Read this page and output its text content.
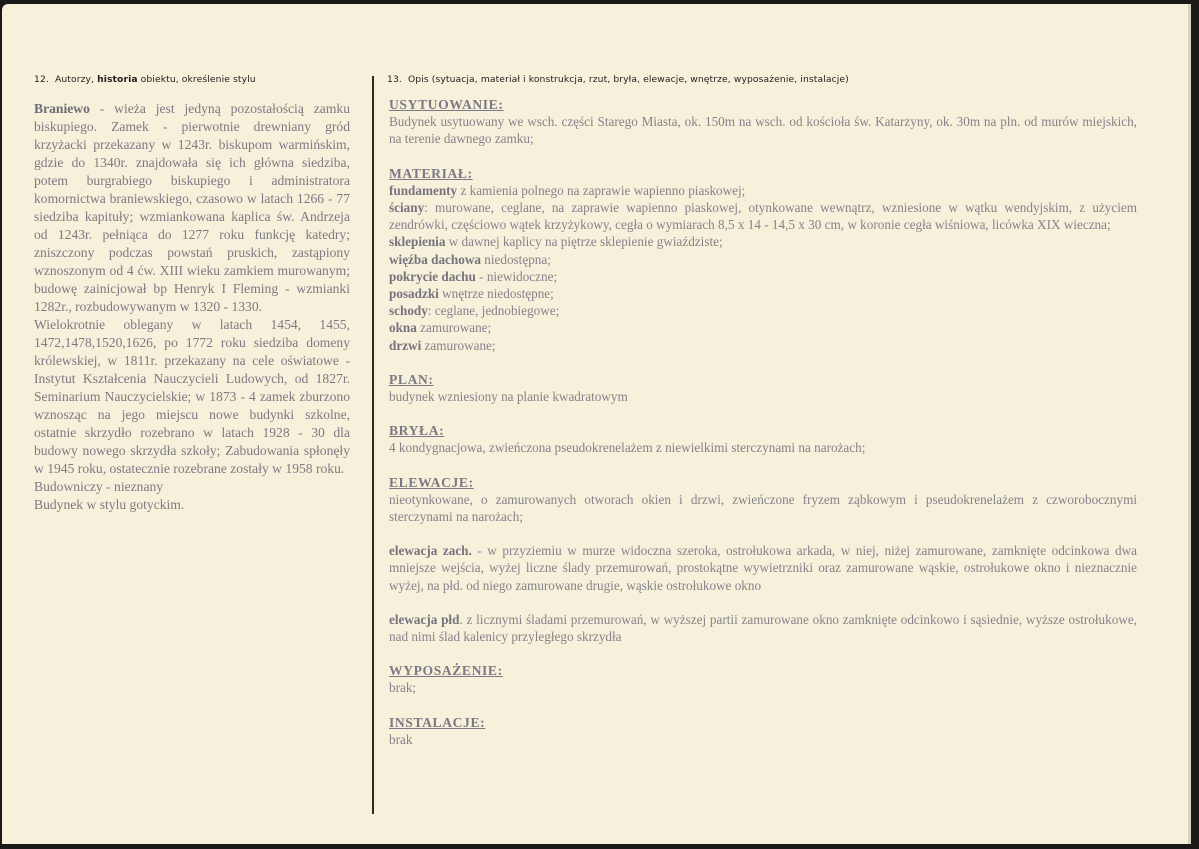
12. Autorzy, historia obiektu, określenie stylu	13. Opis (sytuacja, materiał i konstrukcja, rzut, bryła, elewacje, wnętrze, wyposażenie, instalacje)

Braniewo - wieża jest jedyną pozostałością zamku biskupiego. Zamek - pierwotnie drewniany gród krzyżacki przekazany w 1243r. biskupom warmińskim, gdzie do 1340r. znajdowała się ich główna siedziba, potem burgrabiego biskupiego i administratora komornictwa braniewskiego, czasowo w latach 1266 - 77 siedziba kapituły; wzmiankowana kaplica św. Andrzeja od 1243r. pełniąca do 1277 roku funkcję katedry; zniszczony podczas powstań pruskich, zastąpiony wznoszonym od 4 ćw. XIII wieku zamkiem murowanym; budowę zainicjował bp Henryk I Fleming - wzmianki 1282r., rozbudowywanym w 1320 - 1330.

Wielokrotnie oblegany w latach 1454, 1455, 1472,1478,1520,1626, po 1772 roku siedziba domeny królewskiej, w 1811r. przekazany na cele oświatowe - Instytut Kształcenia Nauczycieli Ludowych, od 1827r. Seminarium Nauczycielskie; w 1873 - 4 zamek zburzono wznosząc na jego miejscu nowe budynki szkolne, ostatnie skrzydło rozebrano w latach 1928 - 30 dla budowy nowego skrzydła szkoły; Zabudowania spłonęły w 1945 roku, ostatecznie rozebrane zostały w 1958 roku.

Budowniczy - nieznany

Budynek w stylu gotyckim.

USYTUOWANIE:

Budynek usytuowany we wsch. części Starego Miasta, ok. 150m na wsch. od kościoła św. Katarzyny, ok. 30m na pln. od murów miejskich, na terenie dawnego zamku;

MATERIAŁ:

fundamenty z kamienia polnego na zaprawie wapienno piaskowej;

ściany: murowane, ceglane, na zaprawie wapienno piaskowej, otynkowane wewnątrz, wzniesione w wątku wendyjskim, z użyciem zendrówki, częściowo wątek krzyżykowy, cegła o wymiarach 8,5 x 14 - 14,5 x 30 cm, w koronie cegła wiśniowa, licówka XIX wieczna;

sklepienia w dawnej kaplicy na piętrze sklepienie gwiaździste;

więźba dachowa niedostępna;

pokrycie dachu - niewidoczne;

posadzki wnętrze niedostępne;

schody: ceglane, jednobiegowe;

okna zamurowane;

drzwi zamurowane;

PLAN:

budynek wzniesiony na planie kwadratowym

BRYŁA:

4 kondygnacjowa, zwieńczona pseudokrenelażem z niewielkimi sterczynami na narożach;

ELEWACJE:

nieotynkowane, o zamurowanych otworach okien i drzwi, zwieńczone fryzem ząbkowym i pseudokrenelażem z czworobocznymi sterczynami na narożach;

elewacja zach. - w przyziemiu w murze widoczna szeroka, ostrołukowa arkada, w niej, niżej zamurowane, zamknięte odcinkowa dwa mniejsze wejścia, wyżej liczne ślady przemurowań, prostokątne wywietrzniki oraz zamurowane wąskie, ostrołukowe okno i nieznacznie wyżej, na płd. od niego zamurowane drugie, wąskie ostrołukowe okno

elewacja płd. z licznymi śladami przemurowań, w wyższej partii zamurowane okno zamknięte odcinkowo i sąsiednie, wyższe ostrołukowe, nad nimi ślad kalenicy przyległego skrzydła

WYPOSAŻENIE:

brak;

INSTALACJE:

brak
